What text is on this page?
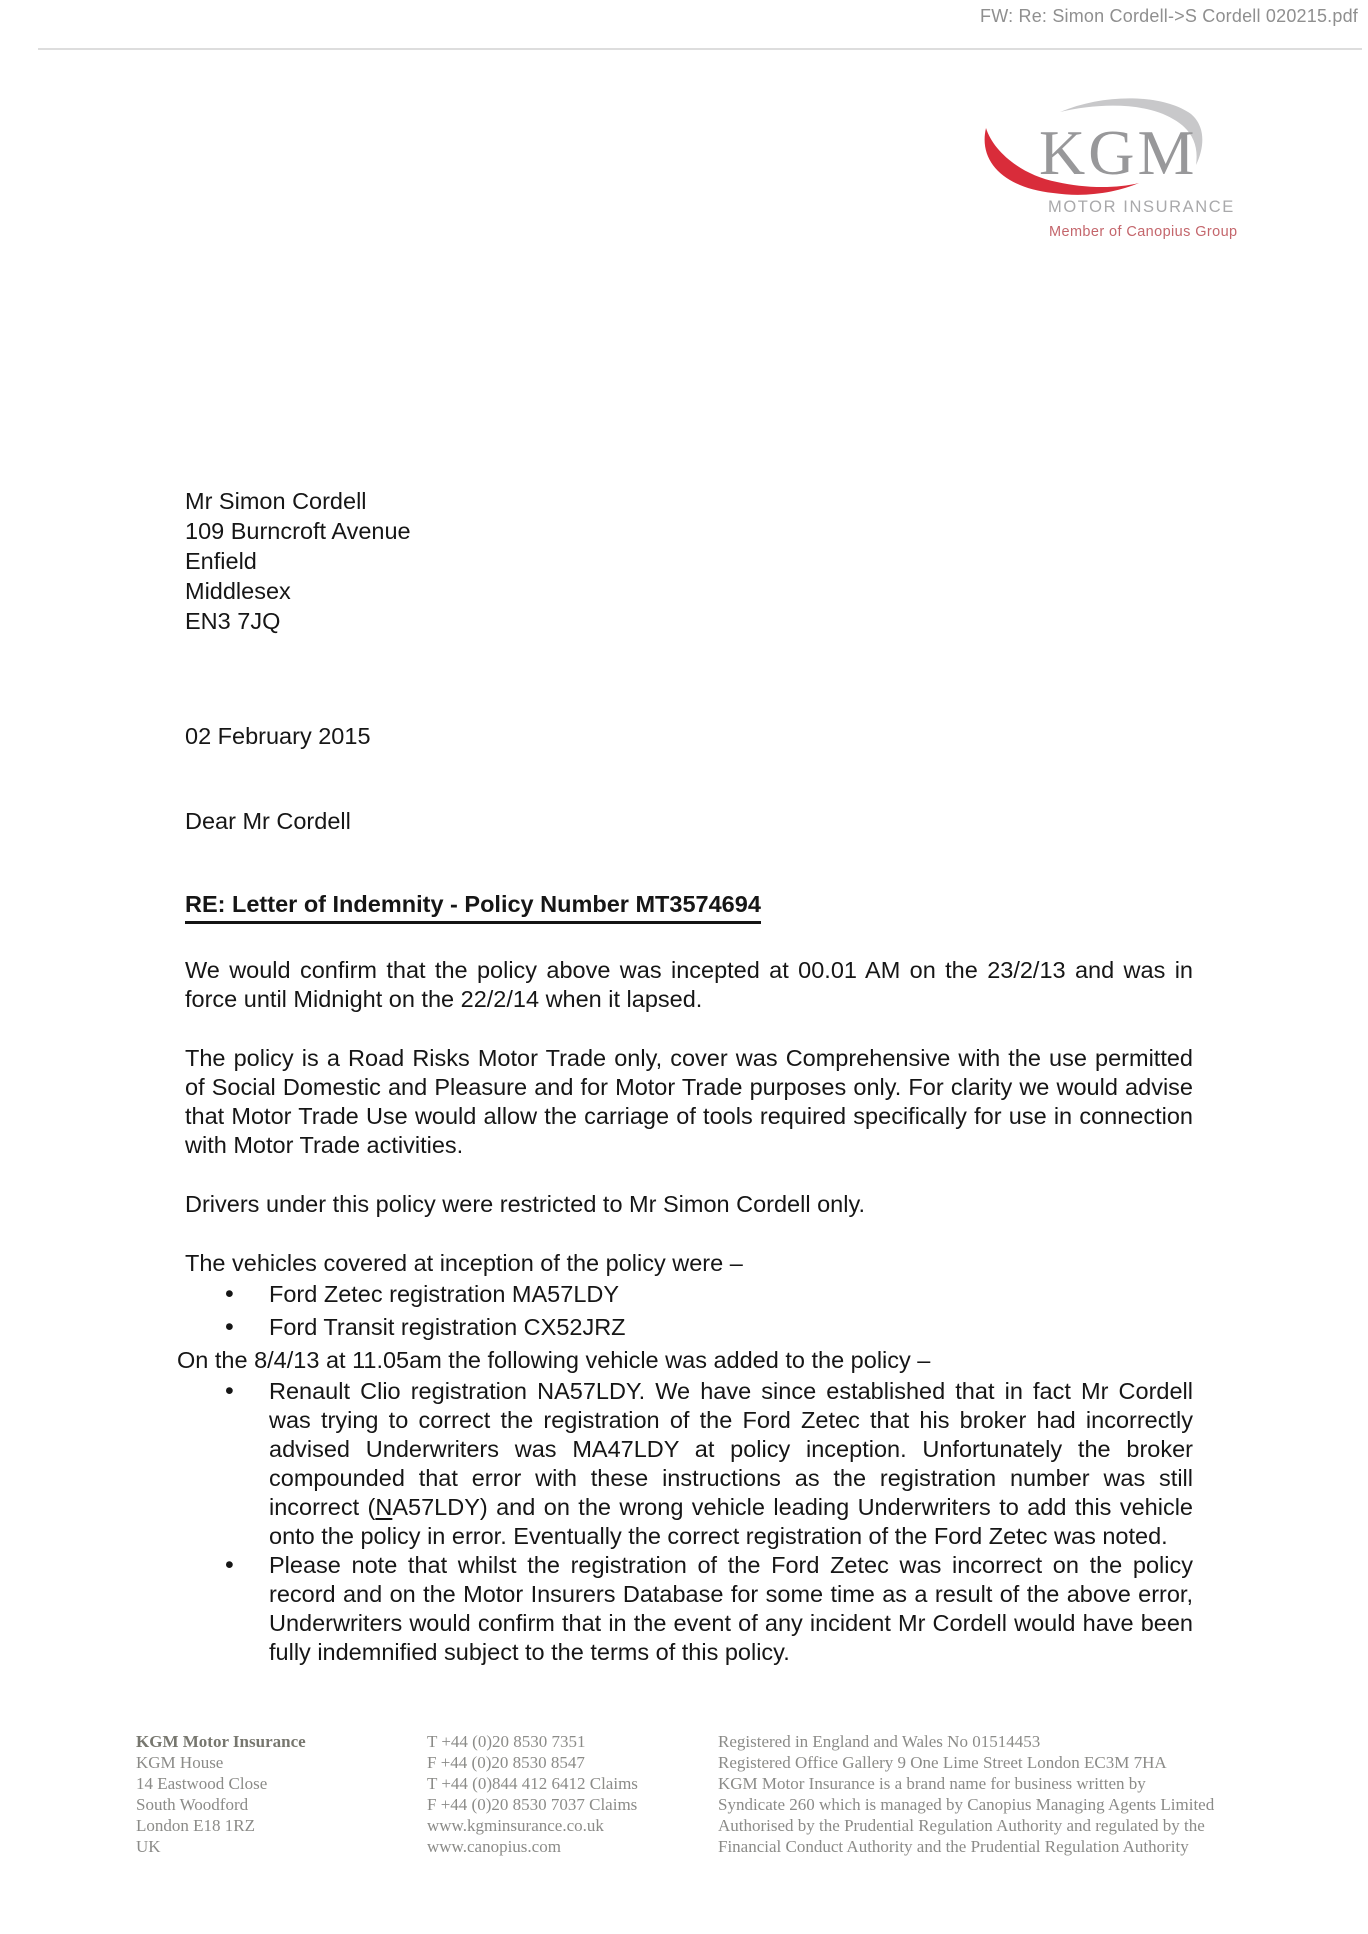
FW: Re: Simon Cordell->S Cordell 020215.pdf
KGM
MOTOR INSURANCE
Member of Canopius Group
Mr Simon Cordell
109 Burncroft Avenue
Enfield
Middlesex
EN3 7JQ
02 February 2015
Dear Mr Cordell
RE: Letter of Indemnity - Policy Number MT3574694

We would confirm that the policy above was incepted at 00.01 AM on the 23/2/13 and was in force until Midnight on the 22/2/14 when it lapsed.

The policy is a Road Risks Motor Trade only, cover was Comprehensive with the use permitted of Social Domestic and Pleasure and for Motor Trade purposes only. For clarity we would advise that Motor Trade Use would allow the carriage of tools required specifically for use in connection with Motor Trade activities.

Drivers under this policy were restricted to Mr Simon Cordell only.

The vehicles covered at inception of the policy were –

• Ford Zetec registration MA57LDY
• Ford Transit registration CX52JRZ

On the 8/4/13 at 11.05am the following vehicle was added to the policy –

• Renault Clio registration NA57LDY. We have since established that in fact Mr Cordell was trying to correct the registration of the Ford Zetec that his broker had incorrectly advised Underwriters was MA47LDY at policy inception. Unfortunately the broker compounded that error with these instructions as the registration number was still incorrect (NA57LDY) and on the wrong vehicle leading Underwriters to add this vehicle onto the policy in error. Eventually the correct registration of the Ford Zetec was noted.
• Please note that whilst the registration of the Ford Zetec was incorrect on the policy record and on the Motor Insurers Database for some time as a result of the above error, Underwriters would confirm that in the event of any incident Mr Cordell would have been fully indemnified subject to the terms of this policy.
KGM Motor Insurance
KGM House
14 Eastwood Close
South Woodford
London E18 1RZ
UK
T +44 (0)20 8530 7351
F +44 (0)20 8530 8547
T +44 (0)844 412 6412 Claims
F +44 (0)20 8530 7037 Claims
www.kgminsurance.co.uk
www.canopius.com
Registered in England and Wales No 01514453
Registered Office Gallery 9 One Lime Street London EC3M 7HA
KGM Motor Insurance is a brand name for business written by
Syndicate 260 which is managed by Canopius Managing Agents Limited
Authorised by the Prudential Regulation Authority and regulated by the
Financial Conduct Authority and the Prudential Regulation Authority
